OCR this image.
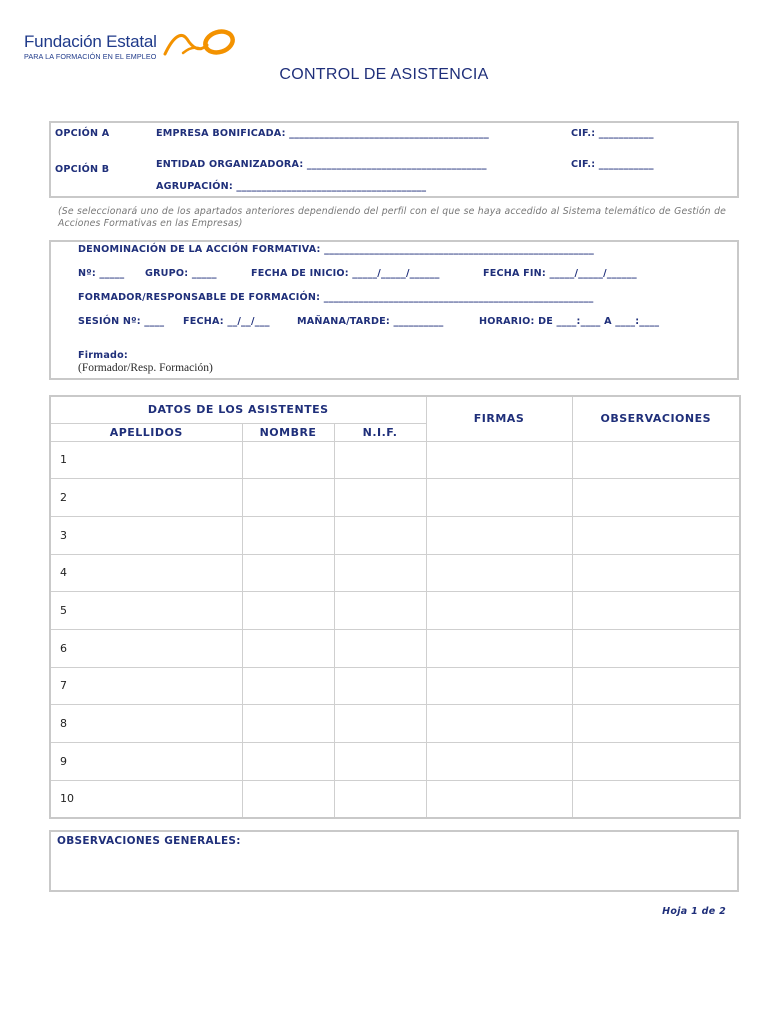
Fundación Estatal
PARA LA FORMACIÓN EN EL EMPLEO
CONTROL DE ASISTENCIA
OPCIÓN A	EMPRESA BONIFICADA: ________________________________________	CIF.: ___________
OPCIÓN B	ENTIDAD ORGANIZADORA: ____________________________________	CIF.: ___________
AGRUPACIÓN: ______________________________________
(Se seleccionará uno de los apartados anteriores dependiendo del perfil con el que se haya accedido al Sistema telemático de Gestión de Acciones Formativas en las Empresas)
DENOMINACIÓN DE LA ACCIÓN FORMATIVA: ______________________________________________________
Nº: _____ GRUPO: _____	FECHA DE INICIO: _____/_____/______	FECHA FIN: _____/_____/______
FORMADOR/RESPONSABLE DE FORMACIÓN: ______________________________________________________
SESIÓN Nº: ____ FECHA: __/__/___	MAÑANA/TARDE: __________	HORARIO: DE ____:____ A ____:____
Firmado:
(Formador/Resp. Formación)
DATOS DE LOS ASISTENTES			FIRMAS	OBSERVACIONES
APELLIDOS	NOMBRE	N.I.F.		
1				
2				
3				
4				
5				
6				
7				
8				
9				
10				
OBSERVACIONES GENERALES:
Hoja 1 de 2
